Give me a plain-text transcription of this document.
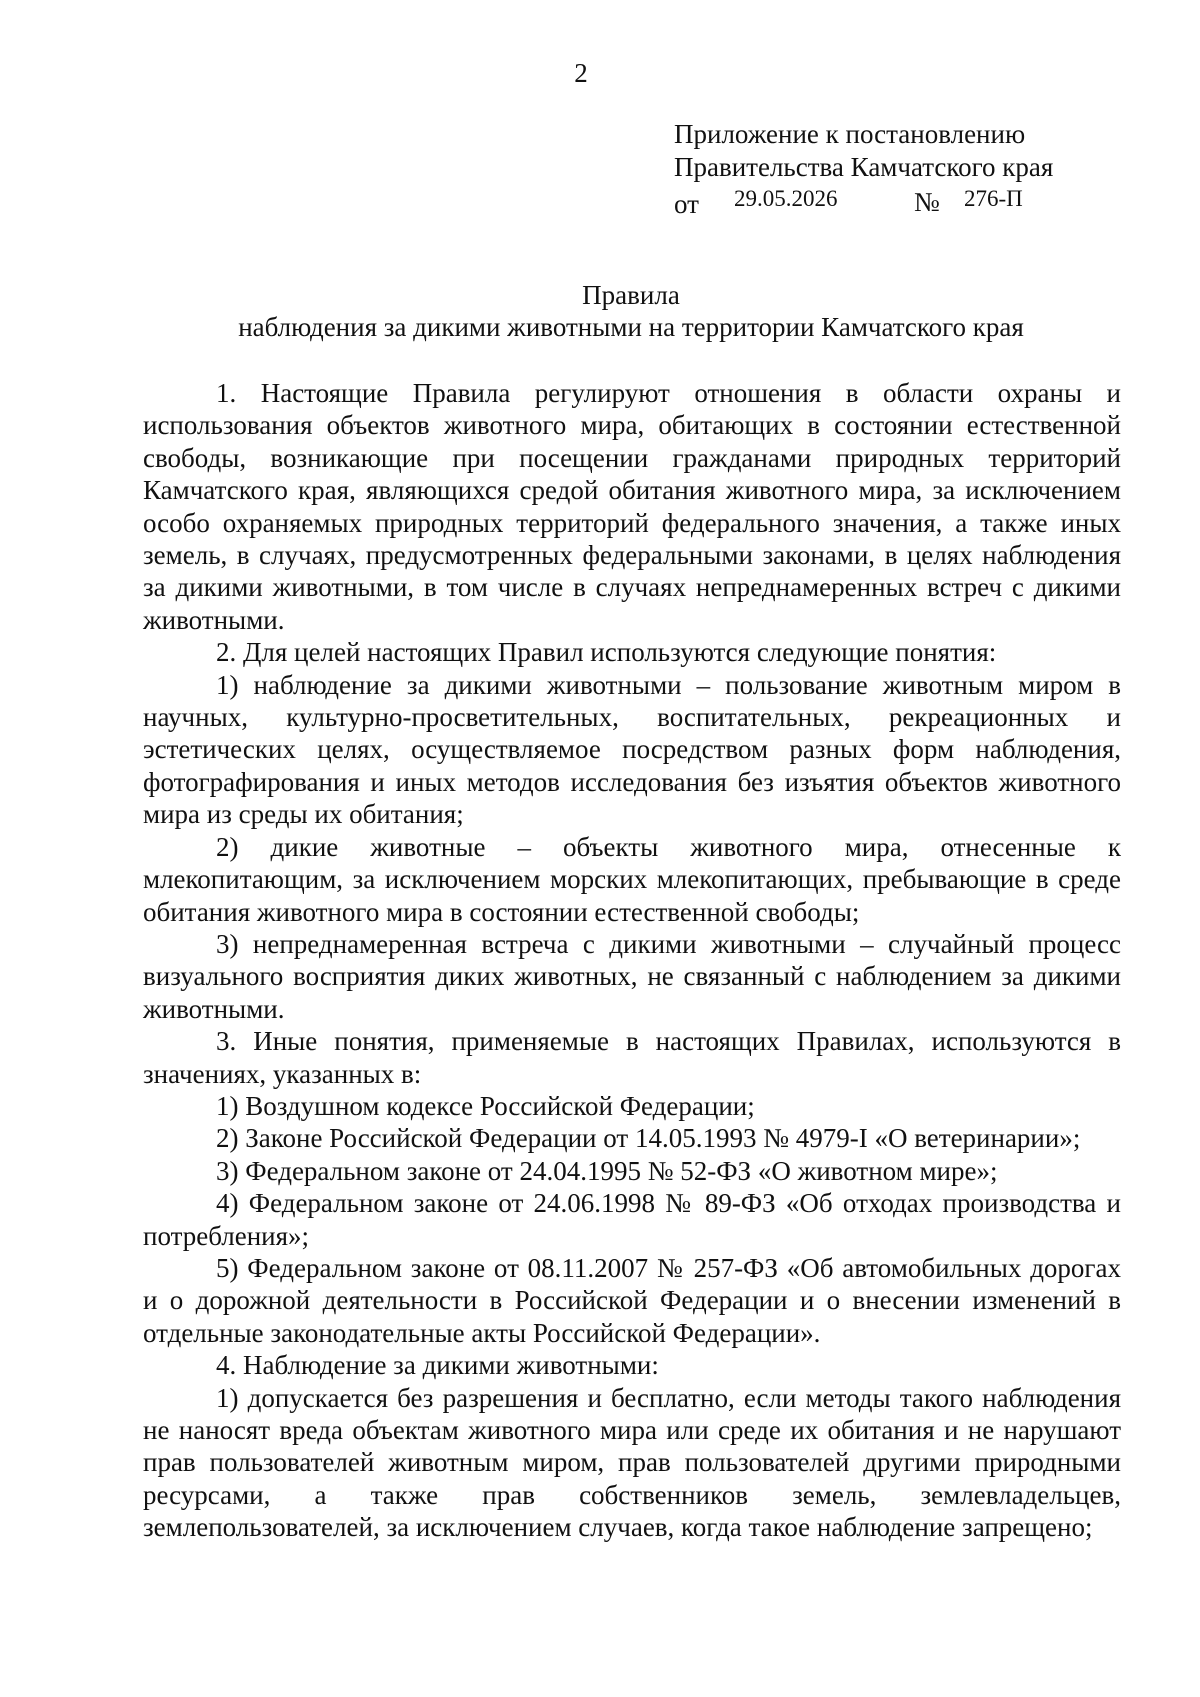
2
Приложение к постановлению
Правительства Камчатского края
от 29.05.2026	№ 276-П
Правила
наблюдения за дикими животными на территории Камчатского края

1. Настоящие Правила регулируют отношения в области охраны и использования объектов животного мира, обитающих в состоянии естественной свободы, возникающие при посещении гражданами природных территорий Камчатского края, являющихся средой обитания животного мира, за исключением особо охраняемых природных территорий федерального значения, а также иных земель, в случаях, предусмотренных федеральными законами, в целях наблюдения за дикими животными, в том числе в случаях непреднамеренных встреч с дикими животными.

2. Для целей настоящих Правил используются следующие понятия:

1) наблюдение за дикими животными – пользование животным миром в научных, культурно-просветительных, воспитательных, рекреационных и эстетических целях, осуществляемое посредством разных форм наблюдения, фотографирования и иных методов исследования без изъятия объектов животного мира из среды их обитания;

2) дикие животные – объекты животного мира, отнесенные к млекопитающим, за исключением морских млекопитающих, пребывающие в среде обитания животного мира в состоянии естественной свободы;

3) непреднамеренная встреча с дикими животными – случайный процесс визуального восприятия диких животных, не связанный с наблюдением за дикими животными.

3. Иные понятия, применяемые в настоящих Правилах, используются в значениях, указанных в:

1) Воздушном кодексе Российской Федерации;

2) Законе Российской Федерации от 14.05.1993 № 4979-I «О ветеринарии»;

3) Федеральном законе от 24.04.1995 № 52-ФЗ «О животном мире»;

4) Федеральном законе от 24.06.1998 № 89-ФЗ «Об отходах производства и потребления»;

5) Федеральном законе от 08.11.2007 № 257-ФЗ «Об автомобильных дорогах и о дорожной деятельности в Российской Федерации и о внесении изменений в отдельные законодательные акты Российской Федерации».

4. Наблюдение за дикими животными:

1) допускается без разрешения и бесплатно, если методы такого наблюдения не наносят вреда объектам животного мира или среде их обитания и не нарушают прав пользователей животным миром, прав пользователей другими природными ресурсами, а также прав собственников земель, землевладельцев, землепользователей, за исключением случаев, когда такое наблюдение запрещено;
